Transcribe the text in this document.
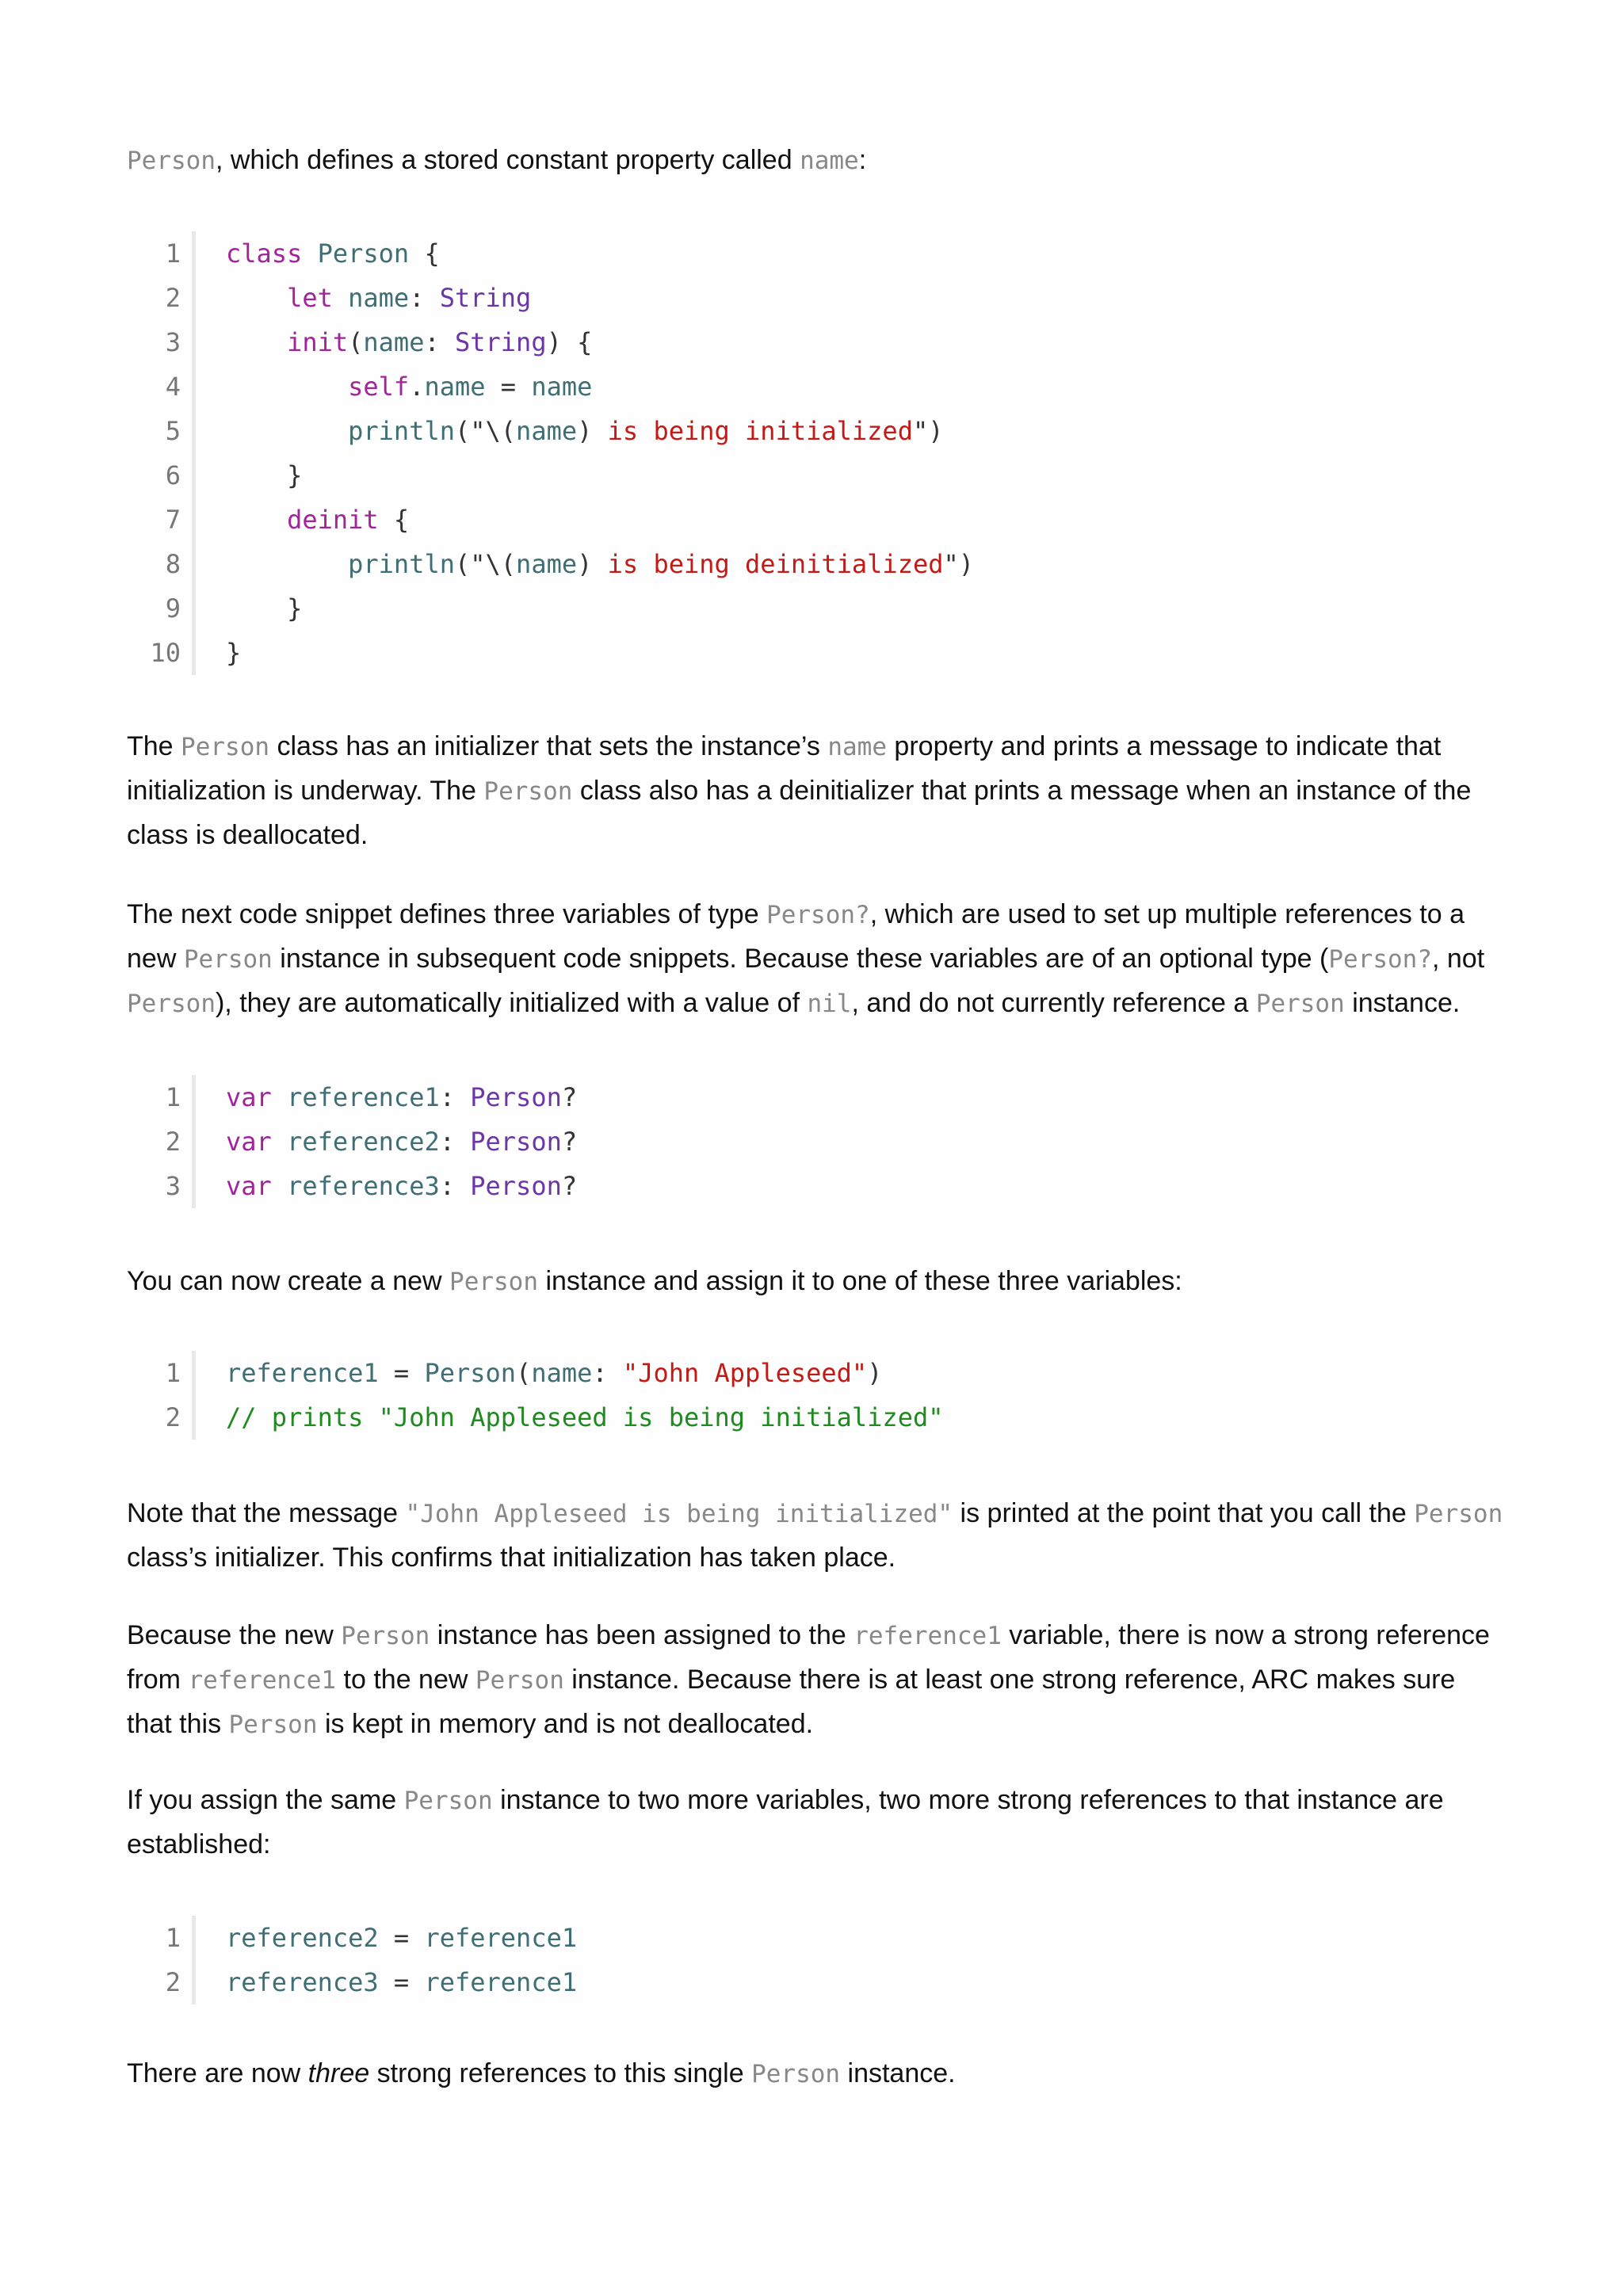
Person, which defines a stored constant property called name:

1	class Person {
2	let name: String
3	init(name: String) {
4	self.name = name
5	println("\(name) is being initialized")
6	}
7	deinit {
8	println("\(name) is being deinitialized")
9	}
10	}

The Person class has an initializer that sets the instance’s name property and prints a message to indicate that initialization is underway. The Person class also has a deinitializer that prints a message when an instance of the class is deallocated.

The next code snippet defines three variables of type Person?, which are used to set up multiple references to a new Person instance in subsequent code snippets. Because these variables are of an optional type (Person?, not Person), they are automatically initialized with a value of nil, and do not currently reference a Person instance.

1	var reference1: Person?
2	var reference2: Person?
3	var reference3: Person?

You can now create a new Person instance and assign it to one of these three variables:

1	reference1 = Person(name: "John Appleseed")
2	// prints "John Appleseed is being initialized"

Note that the message "John Appleseed is being initialized" is printed at the point that you call the Person class’s initializer. This confirms that initialization has taken place.

Because the new Person instance has been assigned to the reference1 variable, there is now a strong reference from reference1 to the new Person instance. Because there is at least one strong reference, ARC makes sure that this Person is kept in memory and is not deallocated.

If you assign the same Person instance to two more variables, two more strong references to that instance are established:

1	reference2 = reference1
2	reference3 = reference1

There are now three strong references to this single Person instance.
